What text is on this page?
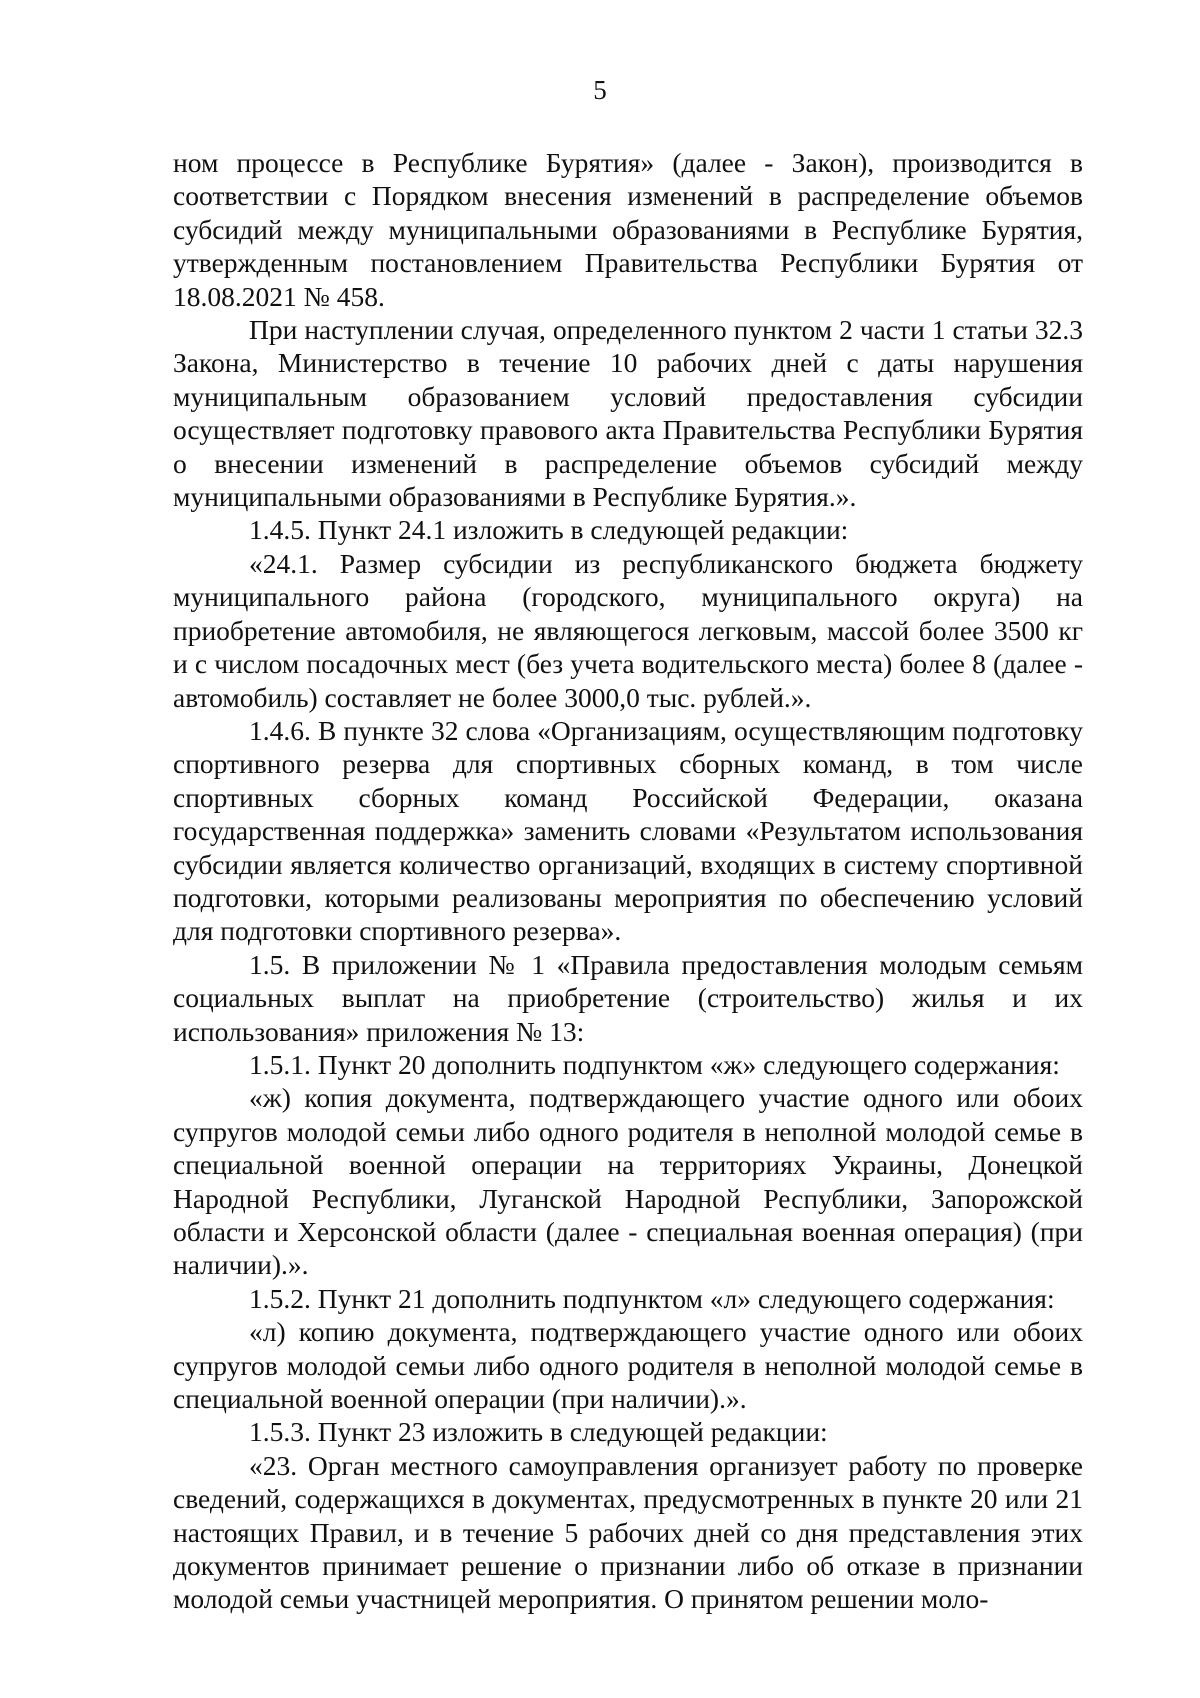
5

ном процессе в Республике Бурятия» (далее - Закон), производится в соответствии с Порядком внесения изменений в распределение объемов субсидий между муниципальными образованиями в Республике Бурятия, утвержденным постановлением Правительства Республики Бурятия от 18.08.2021 № 458.

При наступлении случая, определенного пунктом 2 части 1 статьи 32.3 Закона, Министерство в течение 10 рабочих дней с даты нарушения муниципальным образованием условий предоставления субсидии осуществляет подготовку правового акта Правительства Республики Бурятия о внесении изменений в распределение объемов субсидий между муниципальными образованиями в Республике Бурятия.».

1.4.5. Пункт 24.1 изложить в следующей редакции:

«24.1. Размер субсидии из республиканского бюджета бюджету муниципального района (городского, муниципального округа) на приобретение автомобиля, не являющегося легковым, массой более 3500 кг и с числом посадочных мест (без учета водительского места) более 8 (далее - автомобиль) составляет не более 3000,0 тыс. рублей.».

1.4.6. В пункте 32 слова «Организациям, осуществляющим подготовку спортивного резерва для спортивных сборных команд, в том числе спортивных сборных команд Российской Федерации, оказана государственная поддержка» заменить словами «Результатом использования субсидии является количество организаций, входящих в систему спортивной подготовки, которыми реализованы мероприятия по обеспечению условий для подготовки спортивного резерва».

1.5. В приложении № 1 «Правила предоставления молодым семьям социальных выплат на приобретение (строительство) жилья и их использования» приложения № 13:

1.5.1. Пункт 20 дополнить подпунктом «ж» следующего содержания:

«ж) копия документа, подтверждающего участие одного или обоих супругов молодой семьи либо одного родителя в неполной молодой семье в специальной военной операции на территориях Украины, Донецкой Народной Республики, Луганской Народной Республики, Запорожской области и Херсонской области (далее - специальная военная операция) (при наличии).».

1.5.2. Пункт 21 дополнить подпунктом «л» следующего содержания:

«л) копию документа, подтверждающего участие одного или обоих супругов молодой семьи либо одного родителя в неполной молодой семье в специальной военной операции (при наличии).».

1.5.3. Пункт 23 изложить в следующей редакции:

«23. Орган местного самоуправления организует работу по проверке сведений, содержащихся в документах, предусмотренных в пункте 20 или 21 настоящих Правил, и в течение 5 рабочих дней со дня представления этих документов принимает решение о признании либо об отказе в признании молодой семьи участницей мероприятия. О принятом решении моло-
